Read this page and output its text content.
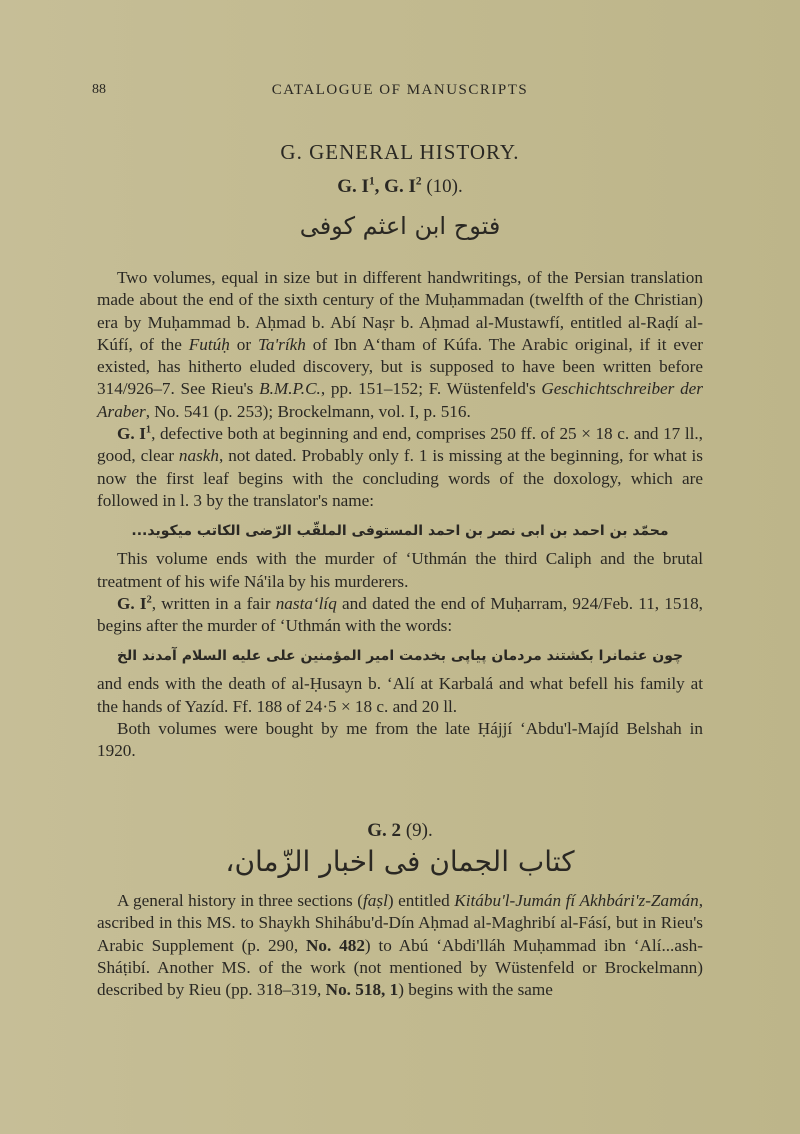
88	CATALOGUE OF MANUSCRIPTS
G. GENERAL HISTORY.
G. $I^1$, G. $I^2$ (10).
فتوح ابن اعثم كوفى

Two volumes, equal in size but in different handwritings, of the Persian translation made about the end of the sixth century of the Muḥammadan (twelfth of the Christian) era by Muḥammad b. Aḥmad b. Abí Naṣr b. Aḥmad al-Mustawfí, entitled al-Raḍí al-Kúfí, of the Futúḥ or Ta'ríkh of Ibn A‘tham of Kúfa. The Arabic original, if it ever existed, has hitherto eluded discovery, but is supposed to have been written before 314/926–7. See Rieu's B.M.P.C., pp. 151–152; F. Wüstenfeld's Geschichtschreiber der Araber, No. 541 (p. 253); Brockelmann, vol. I, p. 516.

G. $I^1$, defective both at beginning and end, comprises 250 ff. of 25 × 18 c. and 17 ll., good, clear naskh, not dated. Probably only f. 1 is missing at the beginning, for what is now the first leaf begins with the concluding words of the doxology, which are followed in l. 3 by the translator's name:

محمّد بن احمد بن ابى نصر بن احمد المستوفى الملقّب الرّضى الكاتب ميكويد...

This volume ends with the murder of ‘Uthmán the third Caliph and the brutal treatment of his wife Ná'ila by his murderers.

G. $I^2$, written in a fair nasta‘líq and dated the end of Muḥarram, 924/Feb. 11, 1518, begins after the murder of ‘Uthmán with the words:

چون عثمانرا بكشتند مردمان پياپى بخدمت امير المؤمنين على عليه السلام آمدند الخ

and ends with the death of al-Ḥusayn b. ‘Alí at Karbalá and what befell his family at the hands of Yazíd. Ff. 188 of 24·5 × 18 c. and 20 ll.

Both volumes were bought by me from the late Ḥájjí ‘Abdu'l-Majíd Belshah in 1920.

G. 2 (9).
كتاب الجمان فى اخبار الزّمان،

A general history in three sections (faṣl) entitled Kitábu'l-Jumán fí Akhbári'z-Zamán, ascribed in this MS. to Shaykh Shihábu'd-Dín Aḥmad al-Maghribí al-Fásí, but in Rieu's Arabic Supplement (p. 290, No. 482) to Abú ‘Abdi'lláh Muḥammad ibn ‘Alí...ash-Sháṭibí. Another MS. of the work (not mentioned by Wüstenfeld or Brockelmann) described by Rieu (pp. 318–319, No. 518, 1) begins with the same
